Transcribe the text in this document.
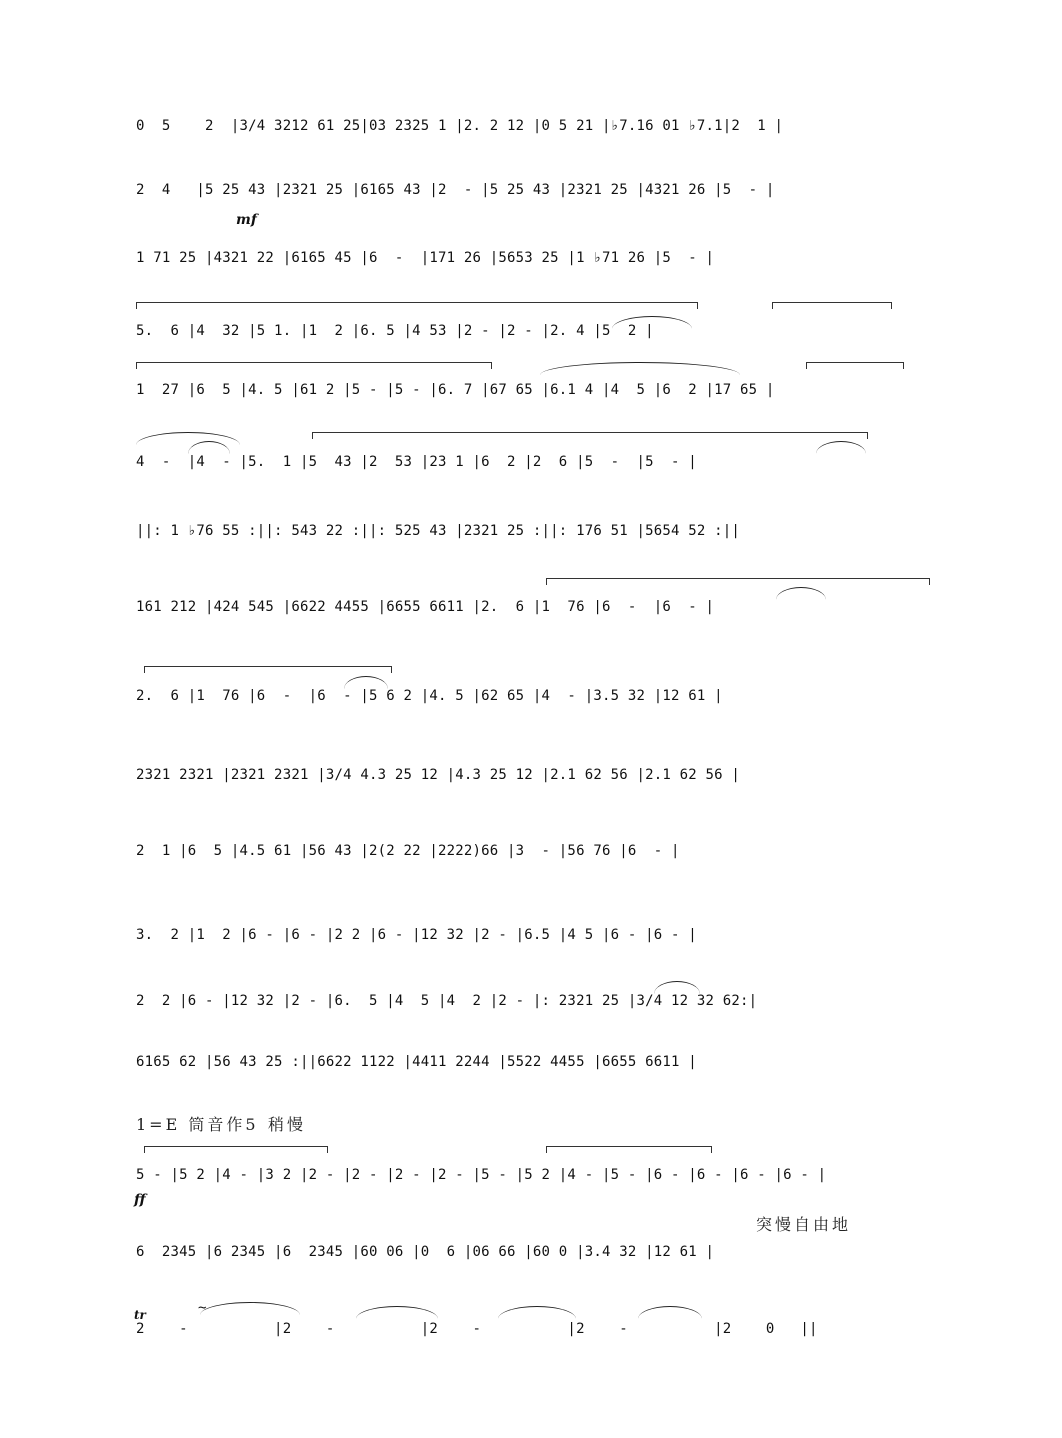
0  5    2  |3/4 3212 61 25|03 2325 1 |2. 2 12 |0 5 21 |♭7.16 01 ♭7.1|2  1 |
2  4   |5 25 43 |2321 25 |6165 43 |2  - |5 25 43 |2321 25 |4321 26 |5  - |
1 71 25 |4321 22 |6165 45 |6  -  |171 26 |5653 25 |1 ♭71 26 |5  - |
5.  6 |4  32 |5 1. |1  2 |6. 5 |4 53 |2 - |2 - |2. 4 |5  2 |
1  27 |6  5 |4. 5 |61 2 |5 - |5 - |6. 7 |67 65 |6.1 4 |4  5 |6  2 |17 65 |
4  -  |4  - |5.  1 |5  43 |2  53 |23 1 |6  2 |2  6 |5  -  |5  - |
||: 1 ♭76 55 :||: 543 22 :||: 525 43 |2321 25 :||: 176 51 |5654 52 :||
161 212 |424 545 |6622 4455 |6655 6611 |2.  6 |1  76 |6  -  |6  - |
2.  6 |1  76 |6  -  |6  - |5 6 2 |4. 5 |62 65 |4  - |3.5 32 |12 61 |
2321 2321 |2321 2321 |3/4 4.3 25 12 |4.3 25 12 |2.1 62 56 |2.1 62 56 |
2  1 |6  5 |4.5 61 |56 43 |2(2 22 |2222)66 |3  - |56 76 |6  - |
3.  2 |1  2 |6 - |6 - |2 2 |6 - |12 32 |2 - |6.5 |4 5 |6 - |6 - |
2  2 |6 - |12 32 |2 - |6.  5 |4  5 |4  2 |2 - |: 2321 25 |3/4 12 32 62:|
6165 62 |56 43 25 :||6622 1122 |4411 2244 |5522 4455 |6655 6611 |
1=E 筒音作5 稍慢
5 - |5 2 |4 - |3 2 |2 - |2 - |2 - |2 - |5 - |5 2 |4 - |5 - |6 - |6 - |6 - |6 - |
突慢自由地
6  2345 |6 2345 |6  2345 |60 06 |0  6 |06 66 |60 0 |3.4 32 |12 61 |
2    -          |2    -          |2    -          |2    -          |2    0   ||
mf
ff
tr	~
